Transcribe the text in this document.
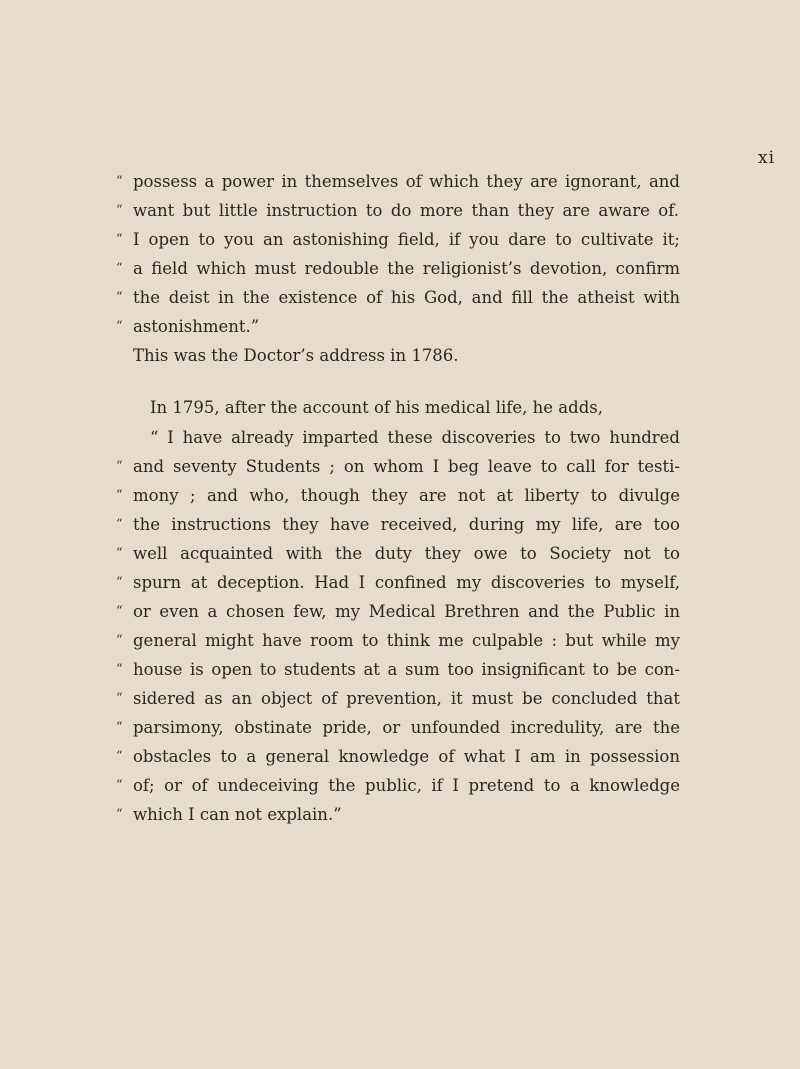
xi
“ possess a power in themselves of which they are ignorant, and
“ want but little instruction to do more than they are aware of.
“ I open to you an astonishing field, if you dare to cultivate it;
“ a field which must redouble the religionist’s devotion, confirm
“ the deist in the existence of his God, and fill the atheist with
“ astonishment.”
This was the Doctor’s address in 1786.
In 1795, after the account of his medical life, he adds,
“ I have already imparted these discoveries to two hundred
“ and seventy Students ; on whom I beg leave to call for testi-
“ mony ; and who, though they are not at liberty to divulge
“ the instructions they have received, during my life, are too
“ well acquainted with the duty they owe to Society not to
“ spurn at deception. Had I confined my discoveries to myself,
“ or even a chosen few, my Medical Brethren and the Public in
“ general might have room to think me culpable : but while my
“ house is open to students at a sum too insignificant to be con-
“ sidered as an object of prevention, it must be concluded that
“ parsimony, obstinate pride, or unfounded incredulity, are the
“ obstacles to a general knowledge of what I am in possession
“ of; or of undeceiving the public, if I pretend to a knowledge
“ which I can not explain.”
